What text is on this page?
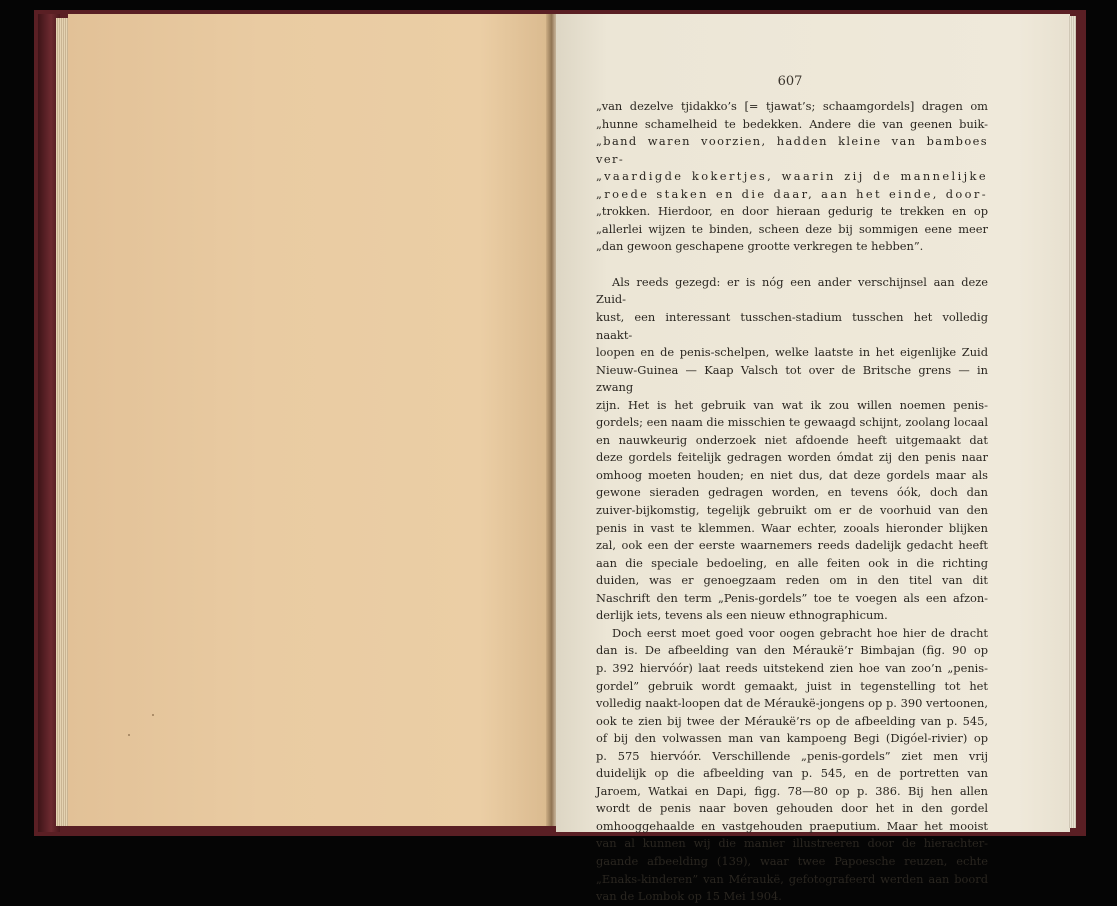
607

„van dezelve tjidakko’s [= tjawat’s; schaamgordels] dragen om

„hunne schamelheid te bedekken. Andere die van geenen buik-

„band waren voorzien, hadden kleine van bamboes ver-

„vaardigde kokertjes, waarin zij de mannelijke

„roede staken en die daar, aan het einde, door-

„trokken. Hierdoor, en door hieraan gedurig te trekken en op

„allerlei wijzen te binden, scheen deze bij sommigen eene meer

„dan gewoon geschapene grootte verkregen te hebben”.

Als reeds gezegd: er is nóg een ander verschijnsel aan deze Zuid-

kust, een interessant tusschen-stadium tusschen het volledig naakt-

loopen en de penis-schelpen, welke laatste in het eigenlijke Zuid

Nieuw-Guinea — Kaap Valsch tot over de Britsche grens — in zwang

zijn. Het is het gebruik van wat ik zou willen noemen penis-

gordels; een naam die misschien te gewaagd schijnt, zoolang locaal

en nauwkeurig onderzoek niet afdoende heeft uitgemaakt dat

deze gordels feitelijk gedragen worden ómdat zij den penis naar

omhoog moeten houden; en niet dus, dat deze gordels maar als

gewone sieraden gedragen worden, en tevens óók, doch dan

zuiver-bijkomstig, tegelijk gebruikt om er de voorhuid van den

penis in vast te klemmen. Waar echter, zooals hieronder blijken

zal, ook een der eerste waarnemers reeds dadelijk gedacht heeft

aan die speciale bedoeling, en alle feiten ook in die richting

duiden, was er genoegzaam reden om in den titel van dit

Naschrift den term „Penis-gordels” toe te voegen als een afzon-

derlijk iets, tevens als een nieuw ethnographicum.

Doch eerst moet goed voor oogen gebracht hoe hier de dracht

dan is. De afbeelding van den Méraukë’r Bimbajan (fig. 90 op

p. 392 hiervóór) laat reeds uitstekend zien hoe van zoo’n „penis-

gordel” gebruik wordt gemaakt, juist in tegenstelling tot het

volledig naakt-loopen dat de Méraukë-jongens op p. 390 vertoonen,

ook te zien bij twee der Méraukë’rs op de afbeelding van p. 545,

of bij den volwassen man van kampoeng Begi (Digóel-rivier) op

p. 575 hiervóór. Verschillende „penis-gordels” ziet men vrij

duidelijk op die afbeelding van p. 545, en de portretten van

Jaroem, Watkai en Dapi, figg. 78—80 op p. 386. Bij hen allen

wordt de penis naar boven gehouden door het in den gordel

omhooggehaalde en vastgehouden praeputium. Maar het mooist

van al kunnen wij die manier illustreeren door de hierachter-

gaande afbeelding (139), waar twee Papoesche reuzen, echte

„Enaks-kinderen” van Méraukë, gefotografeerd werden aan boord

van de Lombok op 15 Mei 1904.
